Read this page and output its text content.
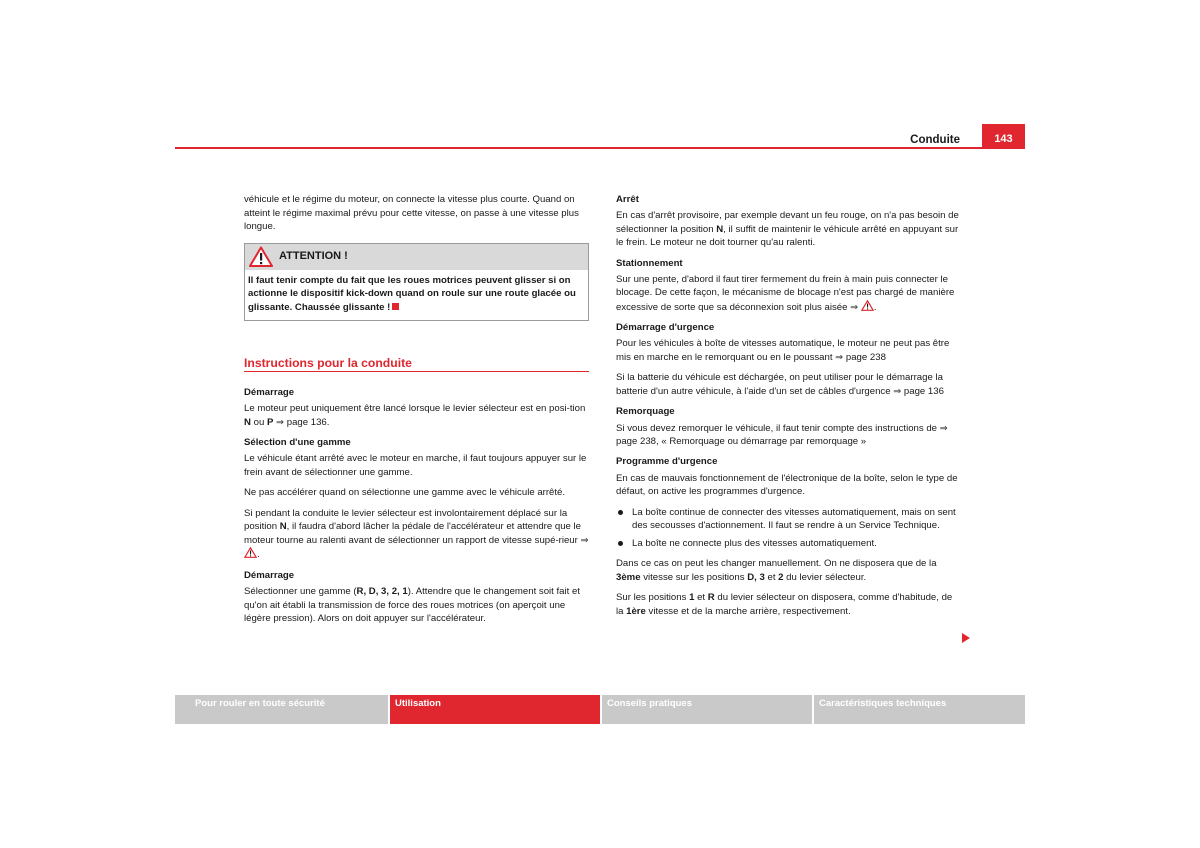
Conduite	143

véhicule et le régime du moteur, on connecte la vitesse plus courte. Quand on atteint le régime maximal prévu pour cette vitesse, on passe à une vitesse plus longue.

ATTENTION !
Il faut tenir compte du fait que les roues motrices peuvent glisser si on actionne le dispositif kick-down quand on roule sur une route glacée ou glissante. Chaussée glissante !
Instructions pour la conduite

Démarrage

Le moteur peut uniquement être lancé lorsque le levier sélecteur est en posi-tion N ou P ⇒ page 136.

Sélection d'une gamme

Le véhicule étant arrêté avec le moteur en marche, il faut toujours appuyer sur le frein avant de sélectionner une gamme.

Ne pas accélérer quand on sélectionne une gamme avec le véhicule arrêté.

Si pendant la conduite le levier sélecteur est involontairement déplacé sur la position N, il faudra d'abord lâcher la pédale de l'accélérateur et attendre que le moteur tourne au ralenti avant de sélectionner un rapport de vitesse supé-rieur ⇒ .

Démarrage

Sélectionner une gamme (R, D, 3, 2, 1). Attendre que le changement soit fait et qu'on ait établi la transmission de force des roues motrices (on aperçoit une légère pression). Alors on doit appuyer sur l'accélérateur.

Arrêt

En cas d'arrêt provisoire, par exemple devant un feu rouge, on n'a pas besoin de sélectionner la position N, il suffit de maintenir le véhicule arrêté en appuyant sur le frein. Le moteur ne doit tourner qu'au ralenti.

Stationnement

Sur une pente, d'abord il faut tirer fermement du frein à main puis connecter le blocage. De cette façon, le mécanisme de blocage n'est pas chargé de manière excessive de sorte que sa déconnexion soit plus aisée ⇒ .

Démarrage d'urgence

Pour les véhicules à boîte de vitesses automatique, le moteur ne peut pas être mis en marche en le remorquant ou en le poussant ⇒ page 238

Si la batterie du véhicule est déchargée, on peut utiliser pour le démarrage la batterie d'un autre véhicule, à l'aide d'un set de câbles d'urgence ⇒ page 136

Remorquage

Si vous devez remorquer le véhicule, il faut tenir compte des instructions de ⇒ page 238, « Remorquage ou démarrage par remorquage »

Programme d'urgence

En cas de mauvais fonctionnement de l'électronique de la boîte, selon le type de défaut, on active les programmes d'urgence.

La boîte continue de connecter des vitesses automatiquement, mais on sent des secousses d'actionnement. Il faut se rendre à un Service Technique.
La boîte ne connecte plus des vitesses automatiquement.

Dans ce cas on peut les changer manuellement. On ne disposera que de la 3ème vitesse sur les positions D, 3 et 2 du levier sélecteur.

Sur les positions 1 et R du levier sélecteur on disposera, comme d'habitude, de la 1ère vitesse et de la marche arrière, respectivement.

Pour rouler en toute sécurité	Utilisation	Conseils pratiques	Caractéristiques techniques
